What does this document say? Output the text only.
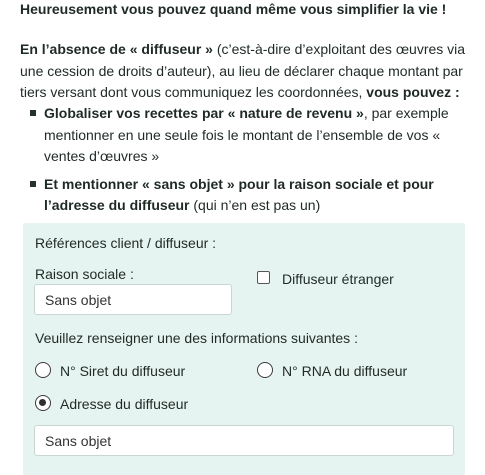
Heureusement vous pouvez quand même vous simplifier la vie !

En l’absence de « diffuseur » (c’est-à-dire d’exploitant des œuvres via une cession de droits d’auteur), au lieu de déclarer chaque montant par tiers versant dont vous communiquez les coordonnées, vous pouvez :

Globaliser vos recettes par « nature de revenu », par exemple mentionner en une seule fois le montant de l’ensemble de vos « ventes d’œuvres »
Et mentionner « sans objet » pour la raison sociale et pour l’adresse du diffuseur (qui n’en est pas un)
Références client / diffuseur :
Raison sociale :
Sans objet
Diffuseur étranger
Veuillez renseigner une des informations suivantes :
N° Siret du diffuseur	N° RNA du diffuseur
Adresse du diffuseur
Sans objet
